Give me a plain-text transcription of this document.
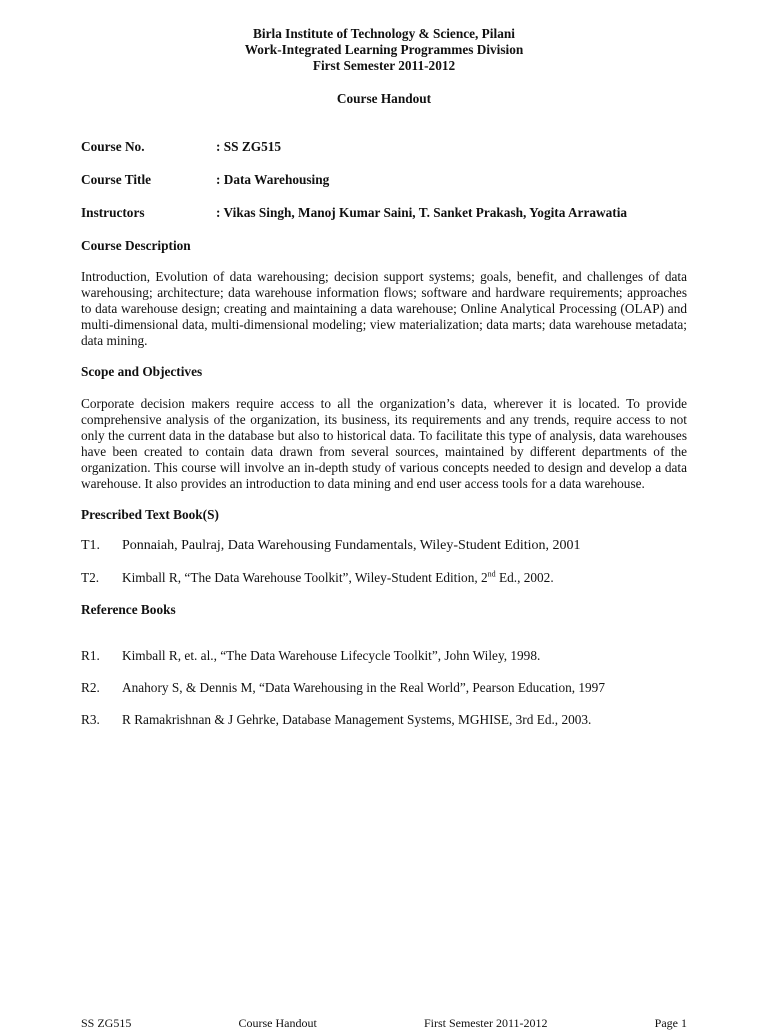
Birla Institute of Technology & Science, Pilani
Work-Integrated Learning Programmes Division
First Semester 2011-2012
Course Handout
Course No.	: SS ZG515
Course Title	: Data Warehousing
Instructors	: Vikas Singh, Manoj Kumar Saini, T. Sanket Prakash, Yogita Arrawatia
Course Description
Introduction, Evolution of data warehousing; decision support systems; goals, benefit, and challenges of data warehousing; architecture; data warehouse information flows; software and hardware requirements; approaches to data warehouse design; creating and maintaining a data warehouse; Online Analytical Processing (OLAP) and multi-dimensional data, multi-dimensional modeling; view materialization; data marts; data warehouse metadata; data mining.
Scope and Objectives
Corporate decision makers require access to all the organization’s data, wherever it is located. To provide comprehensive analysis of the organization, its business, its requirements and any trends, require access to not only the current data in the database but also to historical data. To facilitate this type of analysis, data warehouses have been created to contain data drawn from several sources, maintained by different departments of the organization. This course will involve an in-depth study of various concepts needed to design and develop a data warehouse. It also provides an introduction to data mining and end user access tools for a data warehouse.
Prescribed Text Book(S)
T1.	Ponnaiah, Paulraj, Data Warehousing Fundamentals, Wiley-Student Edition, 2001
T2.	Kimball R, “The Data Warehouse Toolkit”, Wiley-Student Edition, 2nd Ed., 2002.
Reference Books
R1.	Kimball R, et. al., “The Data Warehouse Lifecycle Toolkit”, John Wiley, 1998.
R2.	Anahory S, & Dennis M, “Data Warehousing in the Real World”, Pearson Education, 1997
R3.	R Ramakrishnan & J Gehrke, Database Management Systems, MGHISE, 3rd Ed., 2003.
SS ZG515	Course Handout	First Semester 2011-2012	Page 1
